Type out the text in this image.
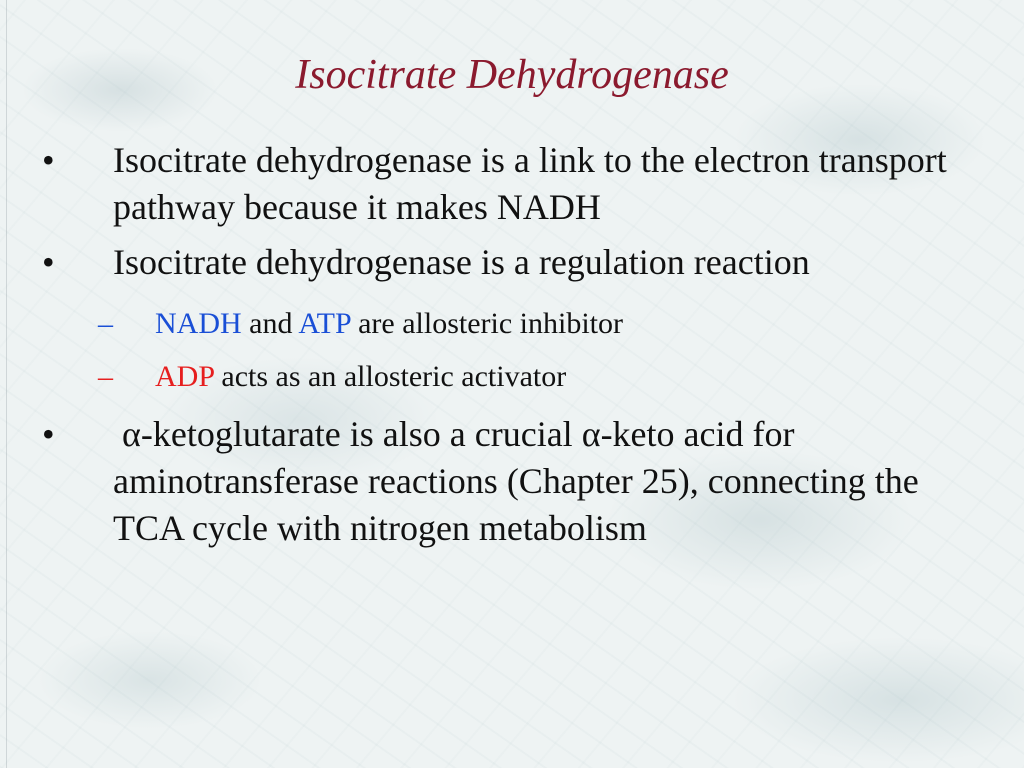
Isocitrate Dehydrogenase
• Isocitrate dehydrogenase is a link to the electron transport pathway because it makes NADH
• Isocitrate dehydrogenase is a regulation reaction
– NADH and ATP are allosteric inhibitor
– ADP acts as an allosteric activator
• α-ketoglutarate is also a crucial α-keto acid for aminotransferase reactions (Chapter 25), connecting the TCA cycle with nitrogen metabolism
